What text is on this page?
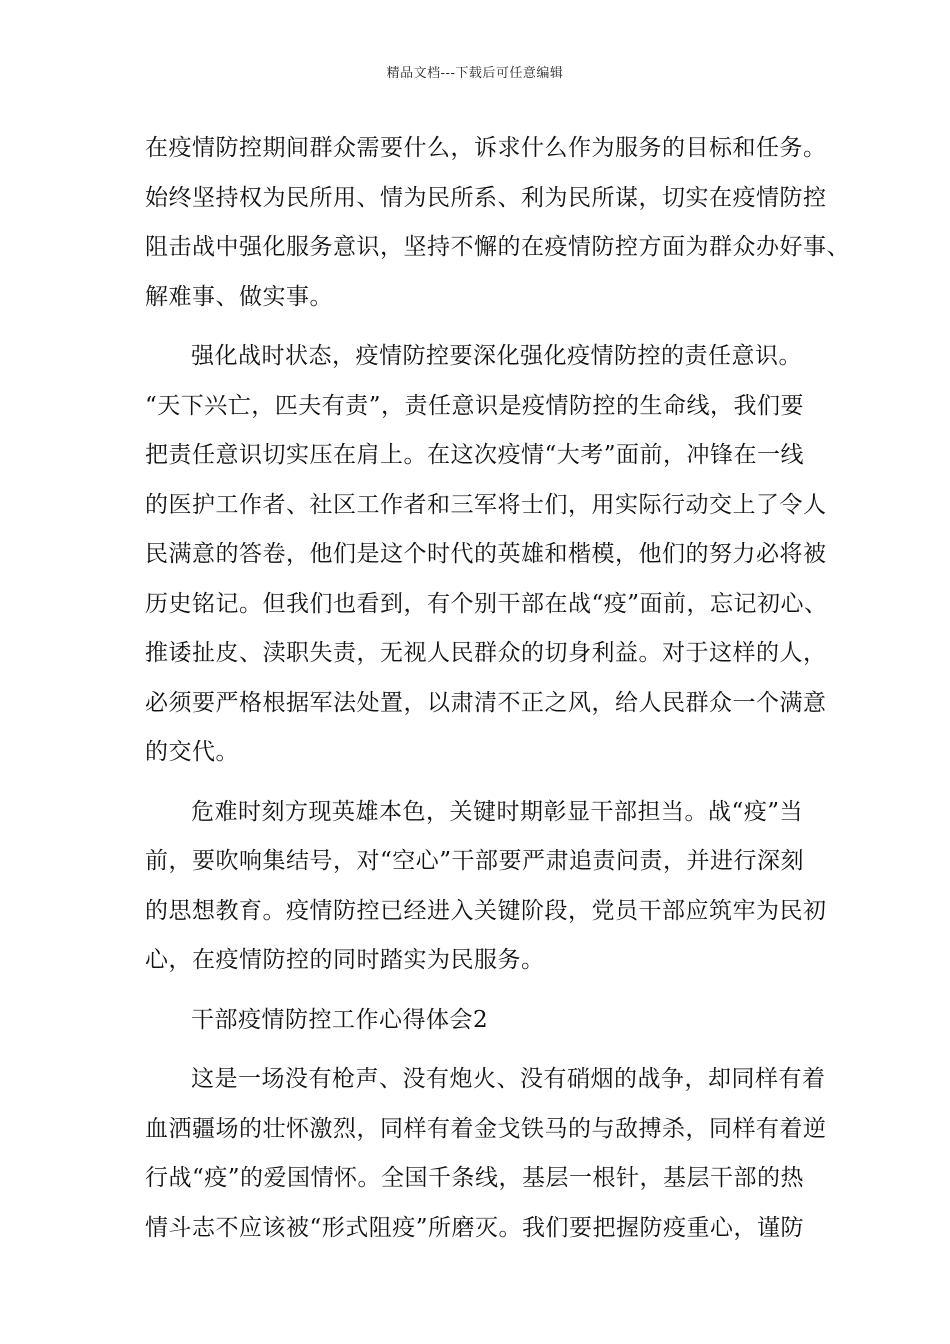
精品文档---下载后可任意编辑

在疫情防控期间群众需要什么，诉求什么作为服务的目标和任务。
始终坚持权为民所用、情为民所系、利为民所谋，切实在疫情防控
阻击战中强化服务意识，坚持不懈的在疫情防控方面为群众办好事、
解难事、做实事。

强化战时状态，疫情防控要深化强化疫情防控的责任意识。
“天下兴亡，匹夫有责”，责任意识是疫情防控的生命线，我们要
把责任意识切实压在肩上。在这次疫情“大考”面前，冲锋在一线
的医护工作者、社区工作者和三军将士们，用实际行动交上了令人
民满意的答卷，他们是这个时代的英雄和楷模，他们的努力必将被
历史铭记。但我们也看到，有个别干部在战“疫”面前，忘记初心、
推诿扯皮、渎职失责，无视人民群众的切身利益。对于这样的人，
必须要严格根据军法处置，以肃清不正之风，给人民群众一个满意
的交代。

危难时刻方现英雄本色，关键时期彰显干部担当。战“疫”当
前，要吹响集结号，对“空心”干部要严肃追责问责，并进行深刻
的思想教育。疫情防控已经进入关键阶段，党员干部应筑牢为民初
心，在疫情防控的同时踏实为民服务。

干部疫情防控工作心得体会2

这是一场没有枪声、没有炮火、没有硝烟的战争，却同样有着
血洒疆场的壮怀激烈，同样有着金戈铁马的与敌搏杀，同样有着逆
行战“疫”的爱国情怀。全国千条线，基层一根针，基层干部的热
情斗志不应该被“形式阻疫”所磨灭。我们要把握防疫重心，谨防
